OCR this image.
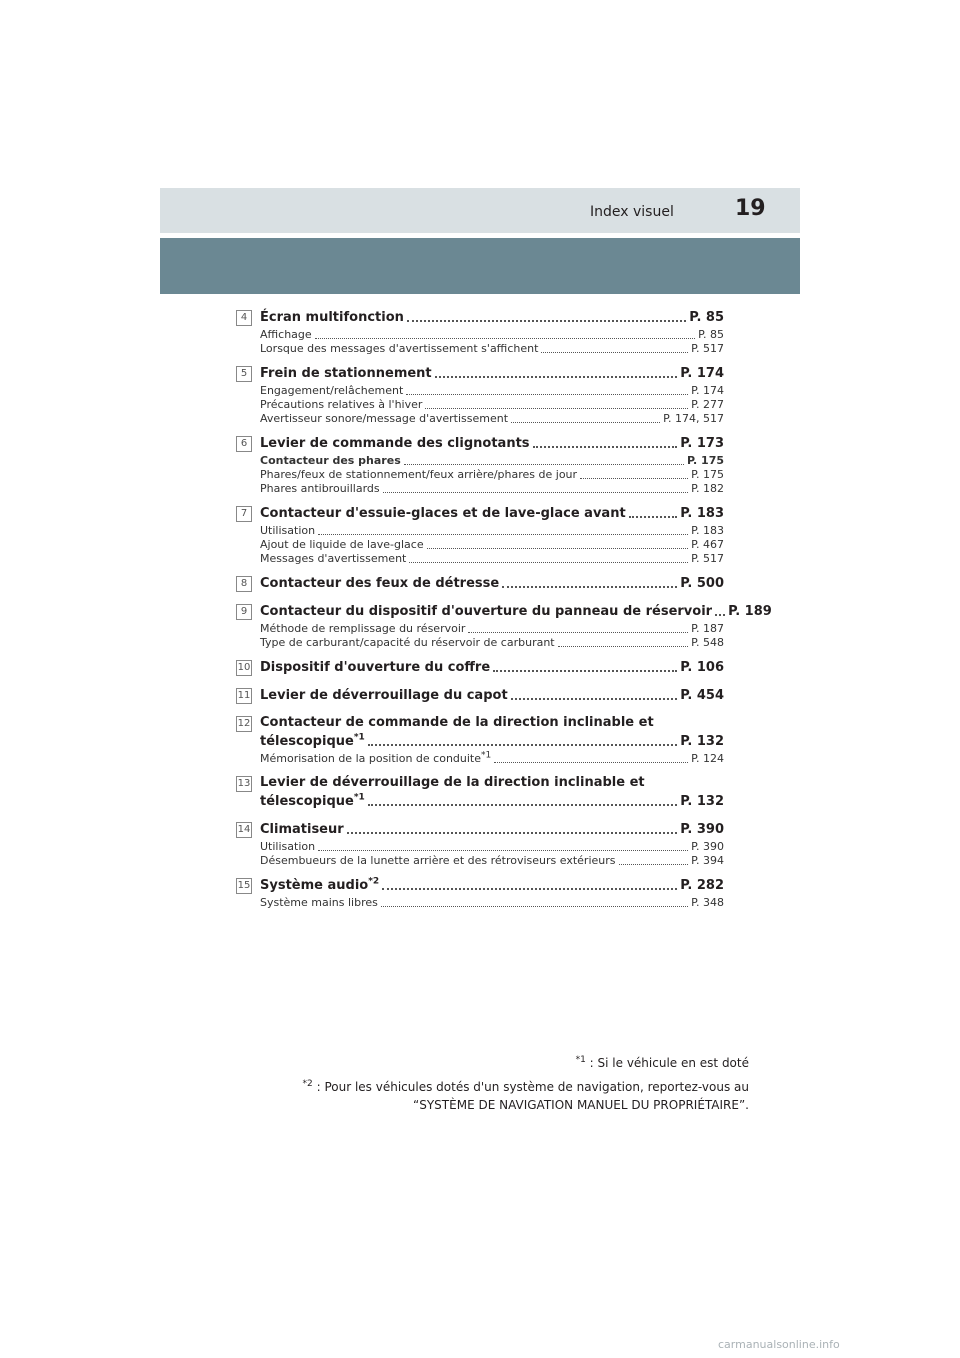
Index visuel	19
4 Écran multifonction	P. 85
Affichage	P. 85
Lorsque des messages d'avertissement s'affichent	P. 517
5 Frein de stationnement	P. 174
Engagement/relâchement	P. 174
Précautions relatives à l'hiver	P. 277
Avertisseur sonore/message d'avertissement	P. 174, 517
6 Levier de commande des clignotants	P. 173
Contacteur des phares	P. 175
Phares/feux de stationnement/feux arrière/phares de jour	P. 175
Phares antibrouillards	P. 182
7 Contacteur d'essuie-glaces et de lave-glace avant	P. 183
Utilisation	P. 183
Ajout de liquide de lave-glace	P. 467
Messages d'avertissement	P. 517
8 Contacteur des feux de détresse	P. 500
9 Contacteur du dispositif d'ouverture du panneau de réservoir P. 189
Méthode de remplissage du réservoir	P. 187
Type de carburant/capacité du réservoir de carburant	P. 548
10 Dispositif d'ouverture du coffre	P. 106
11 Levier de déverrouillage du capot	P. 454
12 Contacteur de commande de la direction inclinable et
télescopique$^{*1}$	P. 132
Mémorisation de la position de conduite$^{*1}$	P. 124
13 Levier de déverrouillage de la direction inclinable et
télescopique$^{*1}$	P. 132
14 Climatiseur	P. 390
Utilisation	P. 390
Désembueurs de la lunette arrière et des rétroviseurs extérieurs	P. 394
15 Système audio$^{*2}$	P. 282
Système mains libres	P. 348
$^{*1}$ : Si le véhicule en est doté
$^{*2}$ : Pour les véhicules dotés d'un système de navigation, reportez-vous au
“SYSTÈME DE NAVIGATION MANUEL DU PROPRIÉTAIRE”.
carmanualsonline.info
